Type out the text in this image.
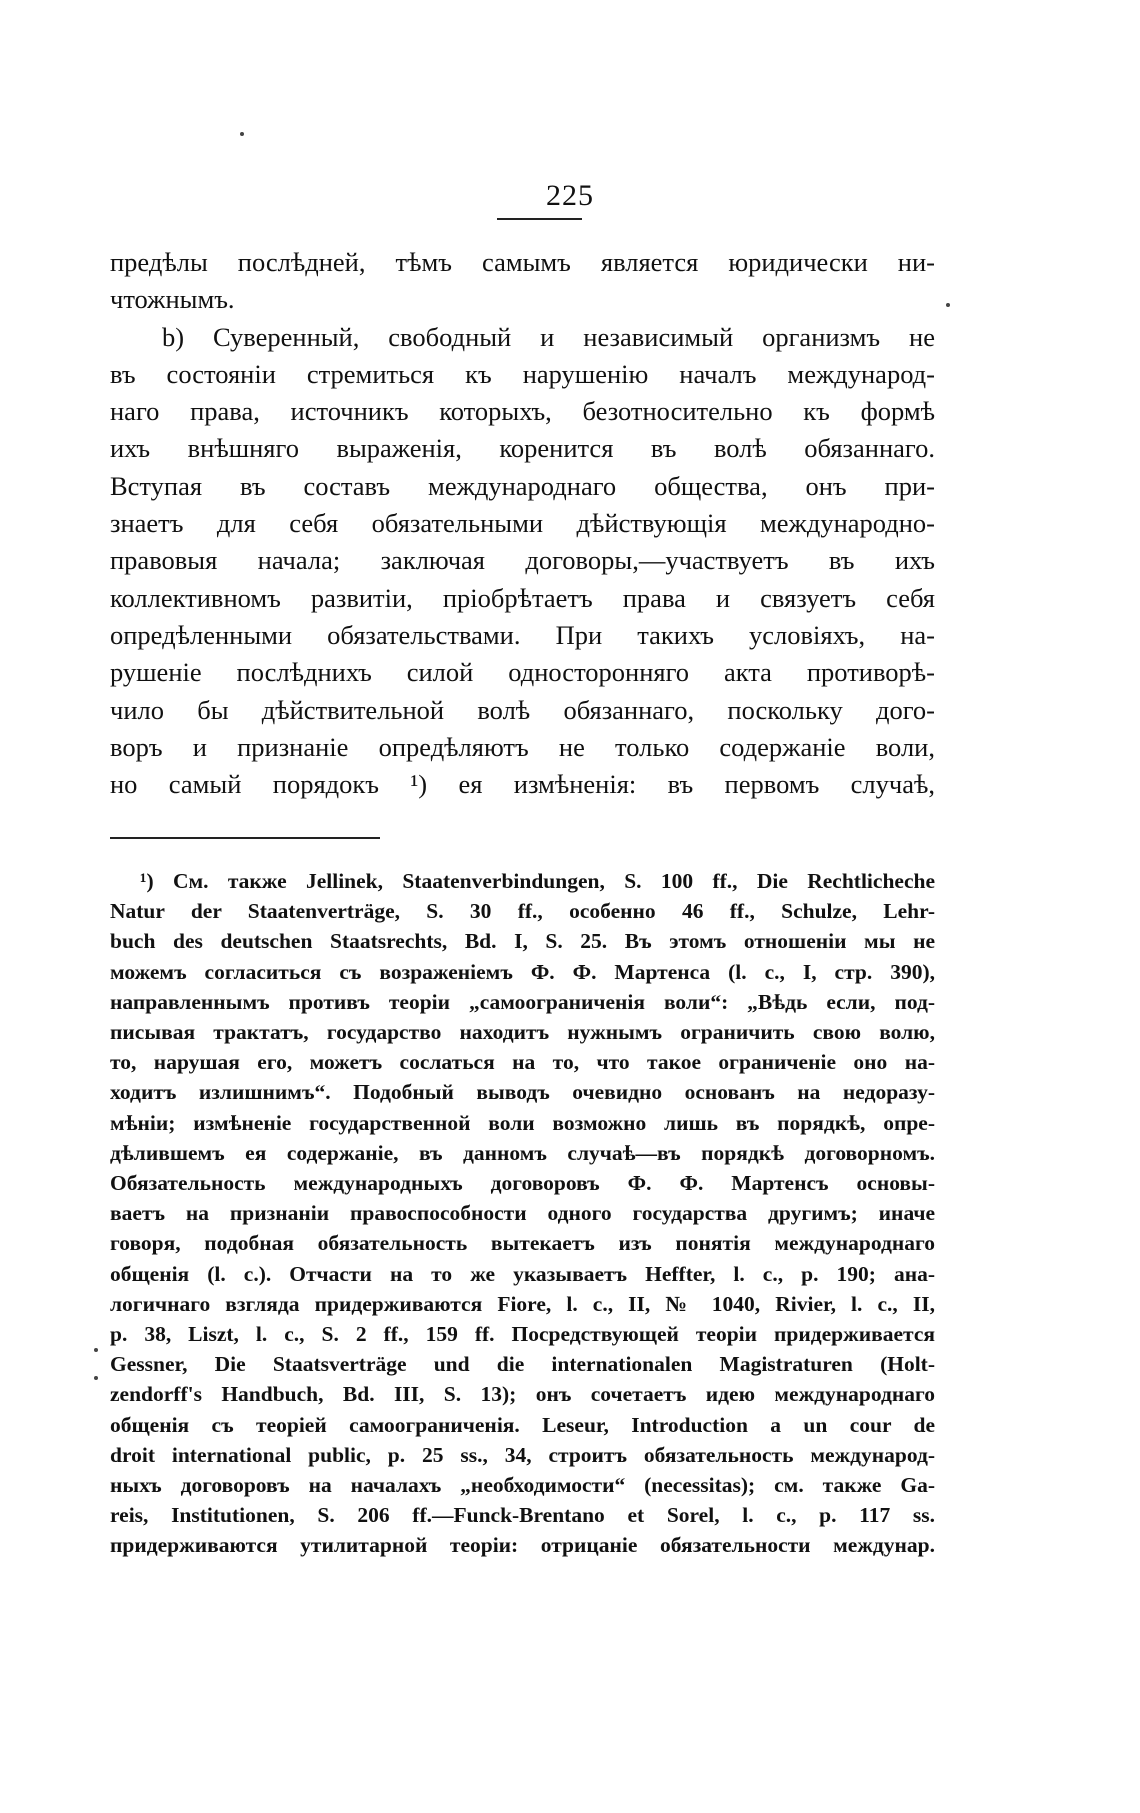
225
предѣлы послѣдней, тѣмъ самымъ является юридически ни-
чтожнымъ.
b) Суверенный, свободный и независимый организмъ не
въ состояніи стремиться къ нарушенію началъ международ-
наго права, источникъ которыхъ, безотносительно къ формѣ
ихъ внѣшняго выраженія, коренится въ волѣ обязаннаго.
Вступая въ составъ международнаго общества, онъ при-
знаетъ для себя обязательными дѣйствующія международно-
правовыя начала; заключая договоры,—участвуетъ въ ихъ
коллективномъ развитіи, пріобрѣтаетъ права и связуетъ себя
опредѣленными обязательствами. При такихъ условіяхъ, на-
рушеніе послѣднихъ силой односторонняго акта противорѣ-
чило бы дѣйствительной волѣ обязаннаго, поскольку дого-
воръ и признаніе опредѣляютъ не только содержаніе воли,
но самый порядокъ ¹) ея измѣненія: въ первомъ случаѣ,
¹) См. также Jellinek, Staatenverbindungen, S. 100 ff., Die Rechtlicheche
Natur der Staatenverträge, S. 30 ff., особенно 46 ff., Schulze, Lehr-
buch des deutschen Staatsrechts, Bd. I, S. 25. Въ этомъ отношеніи мы не
можемъ согласиться съ возраженіемъ Ф. Ф. Мартенса (l. с., I, стр. 390),
направленнымъ противъ теоріи „самоограниченія воли“: „Вѣдь если, под-
писывая трактатъ, государство находитъ нужнымъ ограничить свою волю,
то, нарушая его, можетъ сослаться на то, что такое ограниченіе оно на-
ходитъ излишнимъ“. Подобный выводъ очевидно основанъ на недоразу-
мѣніи; измѣненіе государственной воли возможно лишь въ порядкѣ, опре-
дѣлившемъ ея содержаніе, въ данномъ случаѣ—въ порядкѣ договорномъ.
Обязательность международныхъ договоровъ Ф. Ф. Мартенсъ основы-
ваетъ на признаніи правоспособности одного государства другимъ; иначе
говоря, подобная обязательность вытекаетъ изъ понятія международнаго
общенія (l. с.). Отчасти на то же указываетъ Heffter, l. с., p. 190; ана-
логичнаго взгляда придерживаются Fiore, l. с., II, № 1040, Rivier, l. с., II,
p. 38, Liszt, l. с., S. 2 ff., 159 ff. Посредствующей теоріи придерживается
Gessner, Die Staatsverträge und die internationalen Magistraturen (Holt-
zendorff's Handbuch, Bd. III, S. 13); онъ сочетаетъ идею международнаго
общенія съ теоріей самоограниченія. Leseur, Introduction a un cour de
droit international public, p. 25 ss., 34, строитъ обязательность международ-
ныхъ договоровъ на началахъ „необходимости“ (necessitas); см. также Ga-
reis, Institutionen, S. 206 ff.—Funck-Brentano et Sorel, l. с., p. 117 ss.
придерживаются утилитарной теоріи: отрицаніе обязательности междунар.
